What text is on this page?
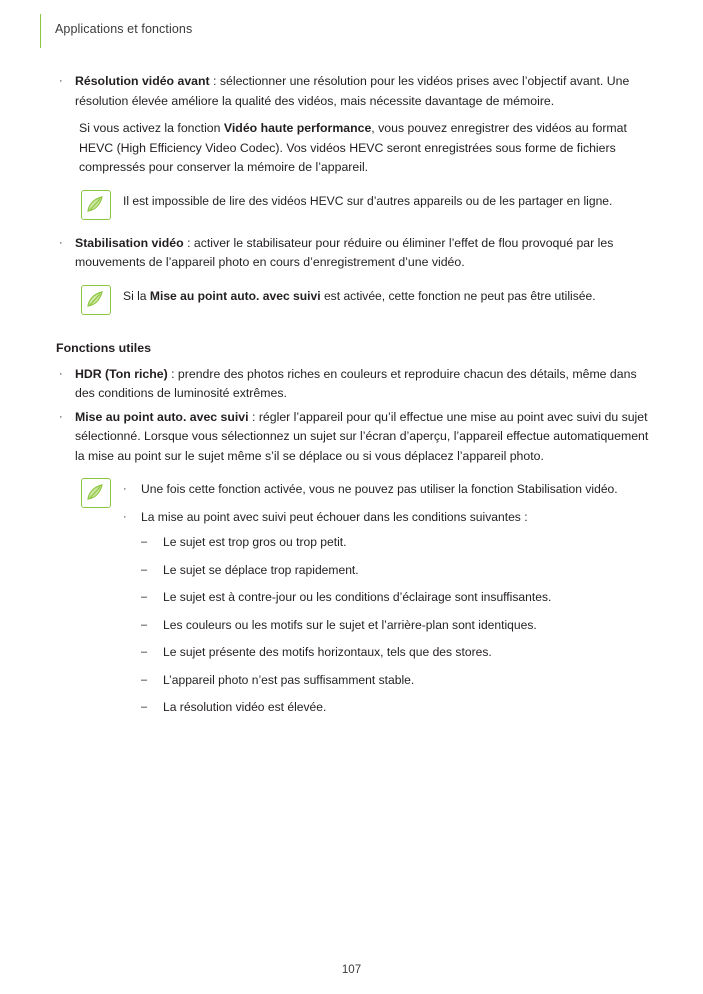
Applications et fonctions
·	Résolution vidéo avant : sélectionner une résolution pour les vidéos prises avec l’objectif avant. Une résolution élevée améliore la qualité des vidéos, mais nécessite davantage de mémoire.
Si vous activez la fonction Vidéo haute performance, vous pouvez enregistrer des vidéos au format HEVC (High Efficiency Video Codec). Vos vidéos HEVC seront enregistrées sous forme de fichiers compressés pour conserver la mémoire de l’appareil.
Il est impossible de lire des vidéos HEVC sur d’autres appareils ou de les partager en ligne.
·	Stabilisation vidéo : activer le stabilisateur pour réduire ou éliminer l’effet de flou provoqué par les mouvements de l’appareil photo en cours d’enregistrement d’une vidéo.
Si la Mise au point auto. avec suivi est activée, cette fonction ne peut pas être utilisée.
Fonctions utiles
·	HDR (Ton riche) : prendre des photos riches en couleurs et reproduire chacun des détails, même dans des conditions de luminosité extrêmes.
·	Mise au point auto. avec suivi : régler l’appareil pour qu’il effectue une mise au point avec suivi du sujet sélectionné. Lorsque vous sélectionnez un sujet sur l’écran d’aperçu, l’appareil effectue automatiquement la mise au point sur le sujet même s’il se déplace ou si vous déplacez l’appareil photo.
·	Une fois cette fonction activée, vous ne pouvez pas utiliser la fonction Stabilisation vidéo.
·	La mise au point avec suivi peut échouer dans les conditions suivantes :
–	Le sujet est trop gros ou trop petit.
–	Le sujet se déplace trop rapidement.
–	Le sujet est à contre-jour ou les conditions d’éclairage sont insuffisantes.
–	Les couleurs ou les motifs sur le sujet et l’arrière-plan sont identiques.
–	Le sujet présente des motifs horizontaux, tels que des stores.
–	L’appareil photo n’est pas suffisamment stable.
–	La résolution vidéo est élevée.
107
